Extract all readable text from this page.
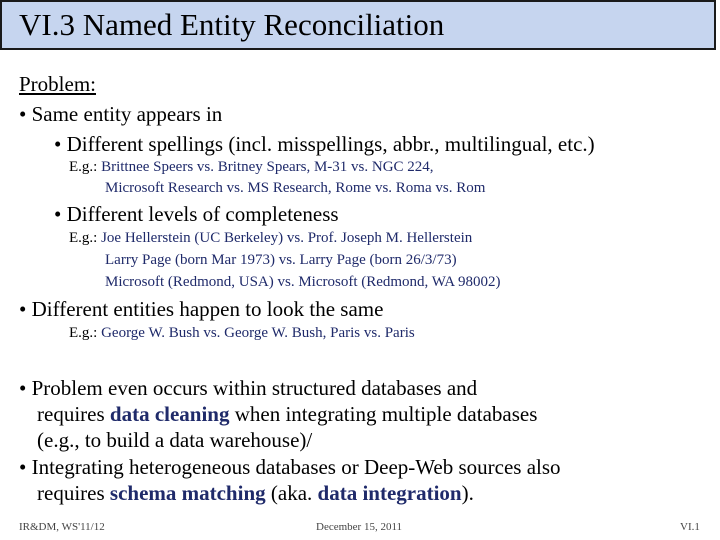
VI.3 Named Entity Reconciliation
Problem:
• Same entity appears in
• Different spellings (incl. misspellings, abbr., multilingual, etc.)
E.g.: Brittnee Speers vs. Britney Spears, M-31 vs. NGC 224,
Microsoft Research vs. MS Research, Rome vs. Roma vs. Rom
• Different levels of completeness
E.g.: Joe Hellerstein (UC Berkeley) vs. Prof. Joseph M. Hellerstein
Larry Page (born Mar 1973) vs. Larry Page (born 26/3/73)
Microsoft (Redmond, USA) vs. Microsoft (Redmond, WA 98002)
• Different entities happen to look the same
E.g.: George W. Bush vs. George W. Bush, Paris vs. Paris
• Problem even occurs within structured databases and
requires data cleaning when integrating multiple databases
(e.g., to build a data warehouse)/
• Integrating heterogeneous databases or Deep-Web sources also
requires schema matching (aka. data integration).
IR&DM, WS'11/12	December 15, 2011	VI.1
